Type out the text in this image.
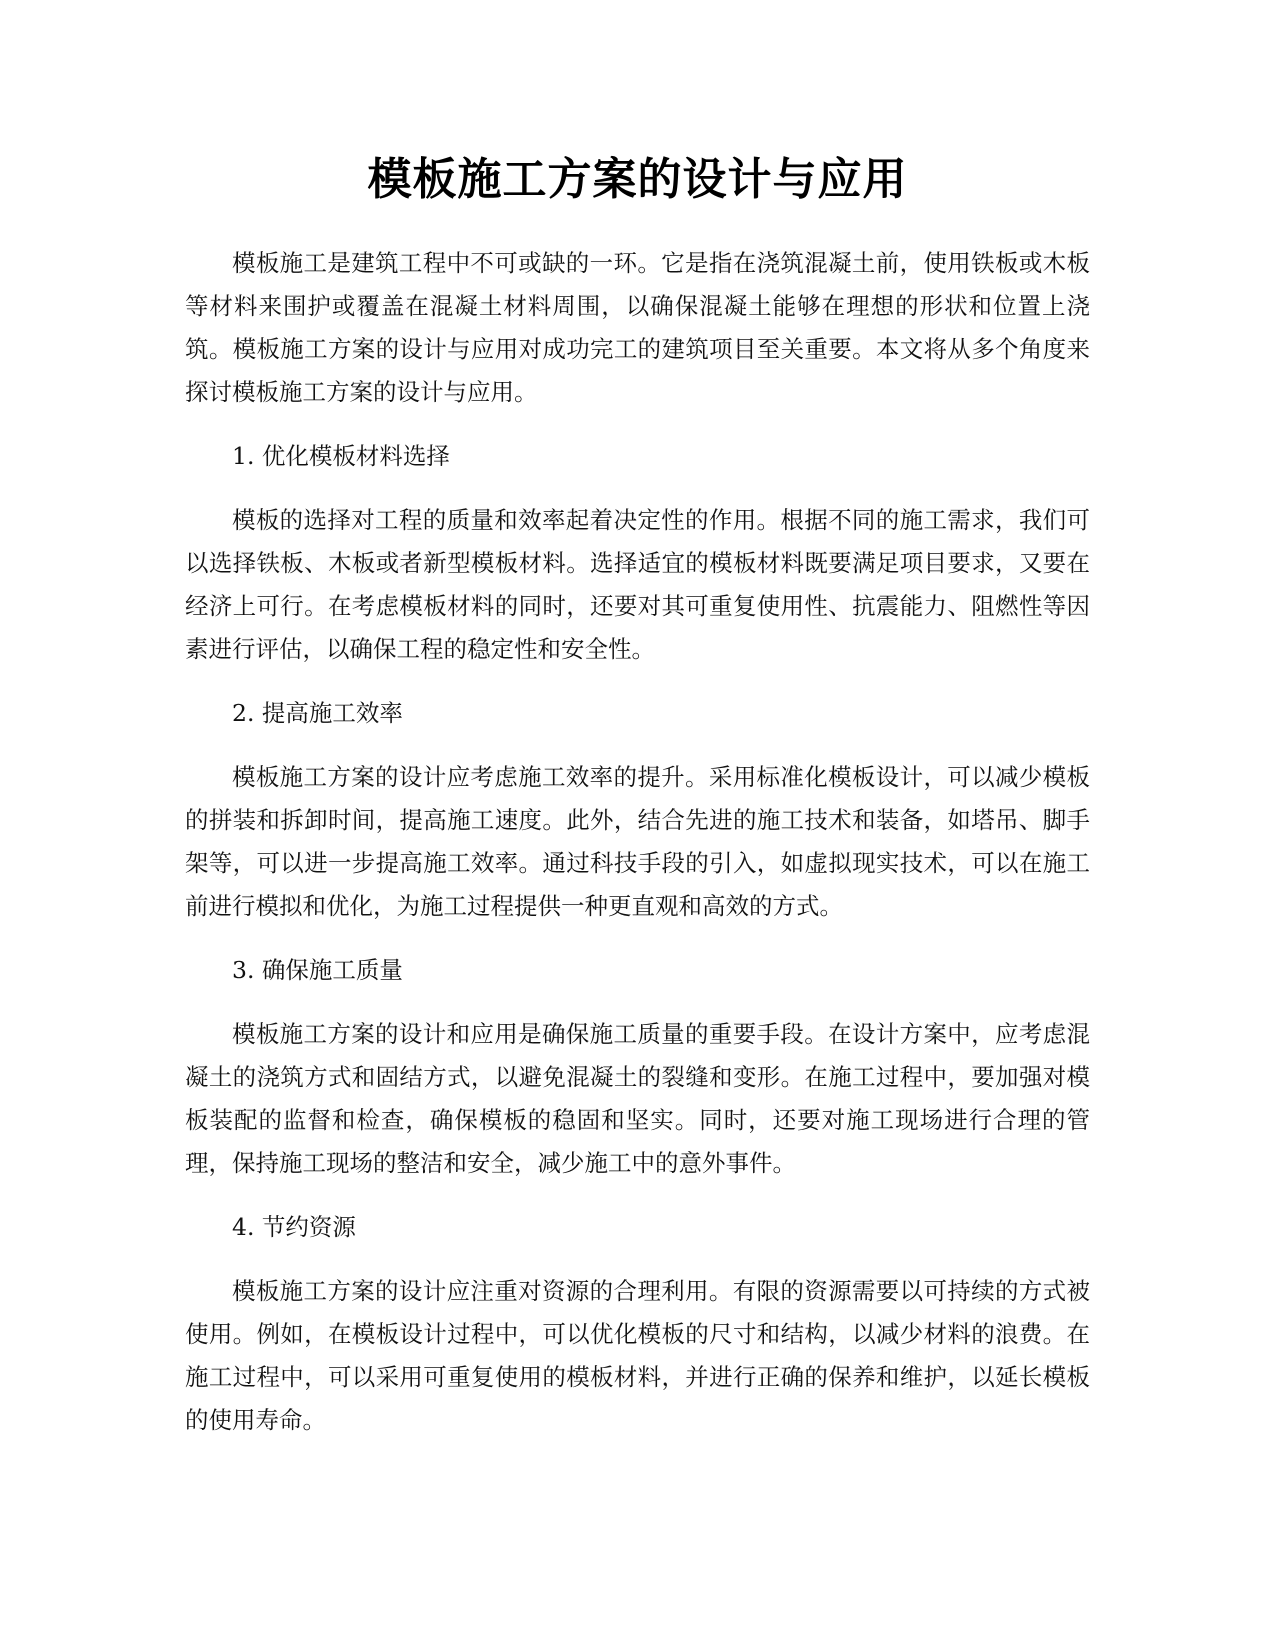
模板施工方案的设计与应用

模板施工是建筑工程中不可或缺的一环。它是指在浇筑混凝土前，使用铁板或木板等材料来围护或覆盖在混凝土材料周围，以确保混凝土能够在理想的形状和位置上浇筑。模板施工方案的设计与应用对成功完工的建筑项目至关重要。本文将从多个角度来探讨模板施工方案的设计与应用。

1. 优化模板材料选择

模板的选择对工程的质量和效率起着决定性的作用。根据不同的施工需求，我们可以选择铁板、木板或者新型模板材料。选择适宜的模板材料既要满足项目要求，又要在经济上可行。在考虑模板材料的同时，还要对其可重复使用性、抗震能力、阻燃性等因素进行评估，以确保工程的稳定性和安全性。

2. 提高施工效率

模板施工方案的设计应考虑施工效率的提升。采用标准化模板设计，可以减少模板的拼装和拆卸时间，提高施工速度。此外，结合先进的施工技术和装备，如塔吊、脚手架等，可以进一步提高施工效率。通过科技手段的引入，如虚拟现实技术，可以在施工前进行模拟和优化，为施工过程提供一种更直观和高效的方式。

3. 确保施工质量

模板施工方案的设计和应用是确保施工质量的重要手段。在设计方案中，应考虑混凝土的浇筑方式和固结方式，以避免混凝土的裂缝和变形。在施工过程中，要加强对模板装配的监督和检查，确保模板的稳固和坚实。同时，还要对施工现场进行合理的管理，保持施工现场的整洁和安全，减少施工中的意外事件。

4. 节约资源

模板施工方案的设计应注重对资源的合理利用。有限的资源需要以可持续的方式被使用。例如，在模板设计过程中，可以优化模板的尺寸和结构，以减少材料的浪费。在施工过程中，可以采用可重复使用的模板材料，并进行正确的保养和维护，以延长模板的使用寿命。
